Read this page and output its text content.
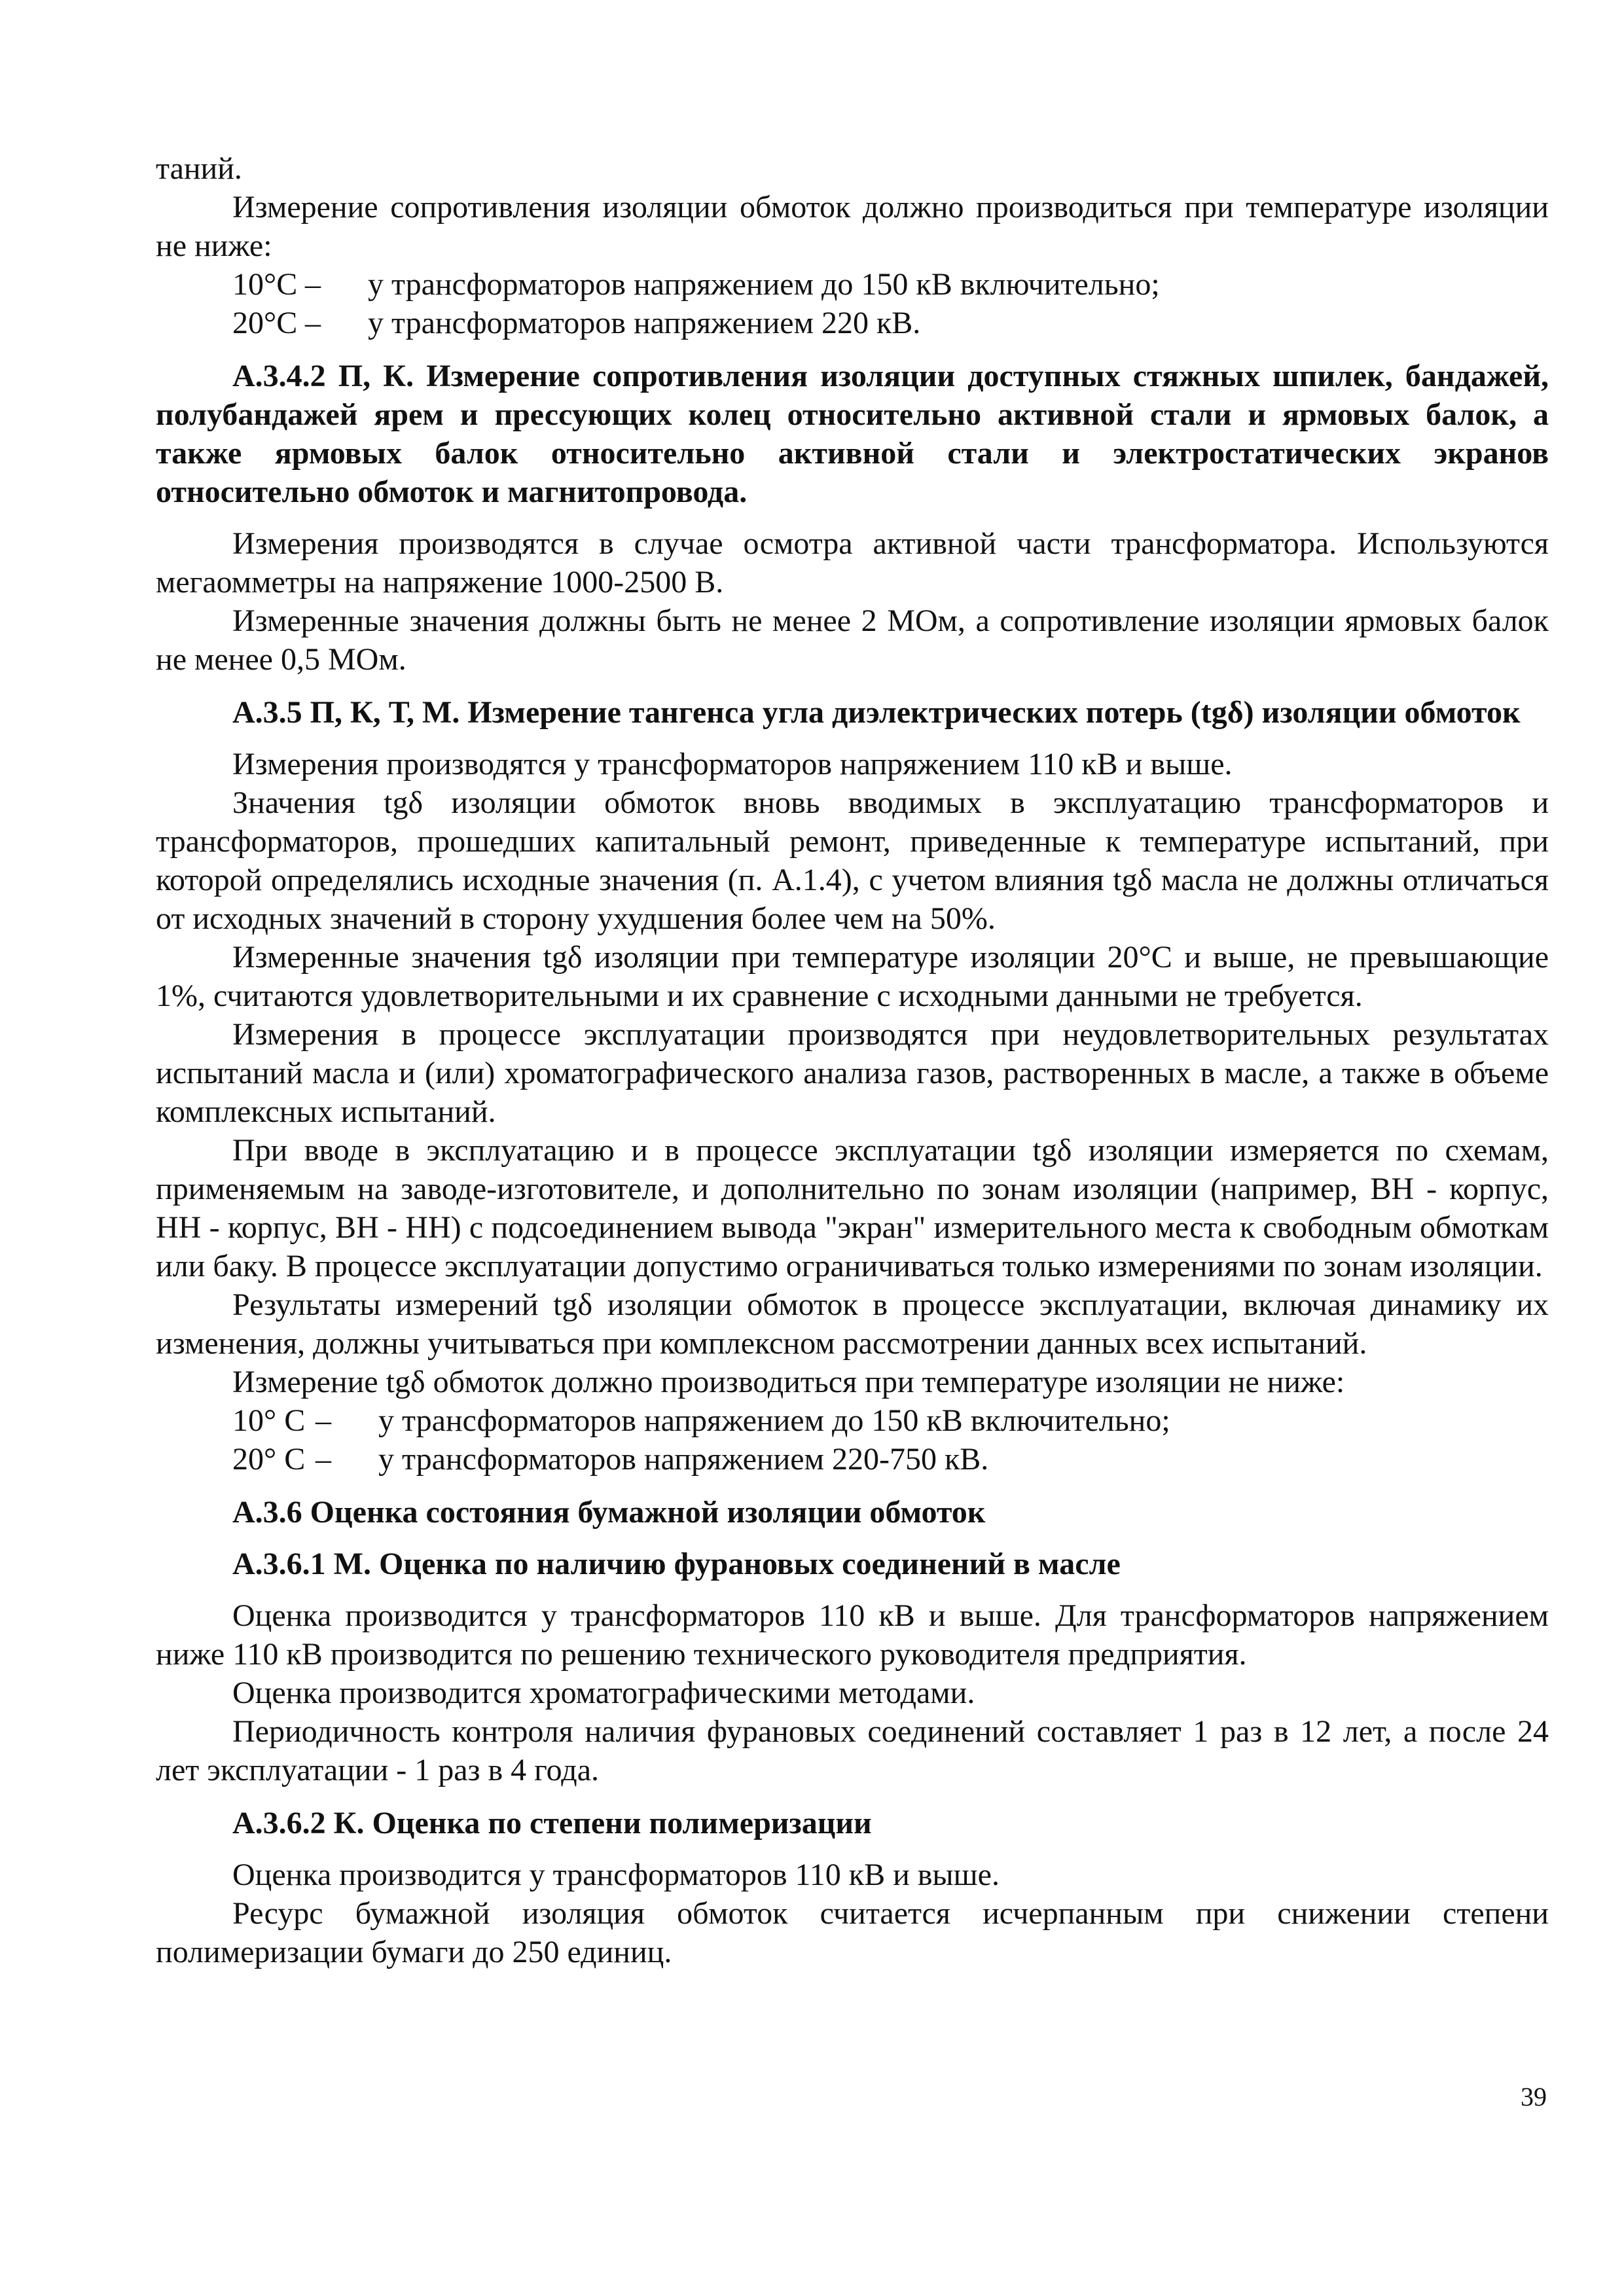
таний.

Измерение сопротивления изоляции обмоток должно производиться при температуре изоляции не ниже:

10°C –	у трансформаторов напряжением до 150 кВ включительно;
20°C –	у трансформаторов напряжением 220 кВ.

А.3.4.2 П, К. Измерение сопротивления изоляции доступных стяжных шпилек, бандажей, полубандажей ярем и прессующих колец относительно активной стали и ярмовых балок, а также ярмовых балок относительно активной стали и электростатических экранов относительно обмоток и магнитопровода.

Измерения производятся в случае осмотра активной части трансформатора. Используются мегаомметры на напряжение 1000-2500 В.

Измеренные значения должны быть не менее 2 МОм, а сопротивление изоляции ярмовых балок не менее 0,5 МОм.

А.3.5 П, К, Т, М. Измерение тангенса угла диэлектрических потерь (tgδ) изоляции обмоток

Измерения производятся у трансформаторов напряжением 110 кВ и выше.

Значения tgδ изоляции обмоток вновь вводимых в эксплуатацию трансформаторов и трансформаторов, прошедших капитальный ремонт, приведенные к температуре испытаний, при которой определялись исходные значения (п. А.1.4), с учетом влияния tgδ масла не должны отличаться от исходных значений в сторону ухудшения более чем на 50%.

Измеренные значения tgδ изоляции при температуре изоляции 20°C и выше, не превышающие 1%, считаются удовлетворительными и их сравнение с исходными данными не требуется.

Измерения в процессе эксплуатации производятся при неудовлетворительных результатах испытаний масла и (или) хроматографического анализа газов, растворенных в масле, а также в объеме комплексных испытаний.

При вводе в эксплуатацию и в процессе эксплуатации tgδ изоляции измеряется по схемам, применяемым на заводе-изготовителе, и дополнительно по зонам изоляции (например, ВН - корпус, НН - корпус, ВН - НН) с подсоединением вывода "экран" измерительного места к свободным обмоткам или баку. В процессе эксплуатации допустимо ограничиваться только измерениями по зонам изоляции.

Результаты измерений tgδ изоляции обмоток в процессе эксплуатации, включая динамику их изменения, должны учитываться при комплексном рассмотрении данных всех испытаний.

Измерение tgδ обмоток должно производиться при температуре изоляции не ниже:

10° C –	у трансформаторов напряжением до 150 кВ включительно;
20° C –	у трансформаторов напряжением 220-750 кВ.

А.3.6 Оценка состояния бумажной изоляции обмоток

А.3.6.1 М. Оценка по наличию фурановых соединений в масле

Оценка производится у трансформаторов 110 кВ и выше. Для трансформаторов напряжением ниже 110 кВ производится по решению технического руководителя предприятия.

Оценка производится хроматографическими методами.

Периодичность контроля наличия фурановых соединений составляет 1 раз в 12 лет, а после 24 лет эксплуатации - 1 раз в 4 года.

А.3.6.2 К. Оценка по степени полимеризации

Оценка производится у трансформаторов 110 кВ и выше.

Ресурс бумажной изоляция обмоток считается исчерпанным при снижении степени полимеризации бумаги до 250 единиц.

39
